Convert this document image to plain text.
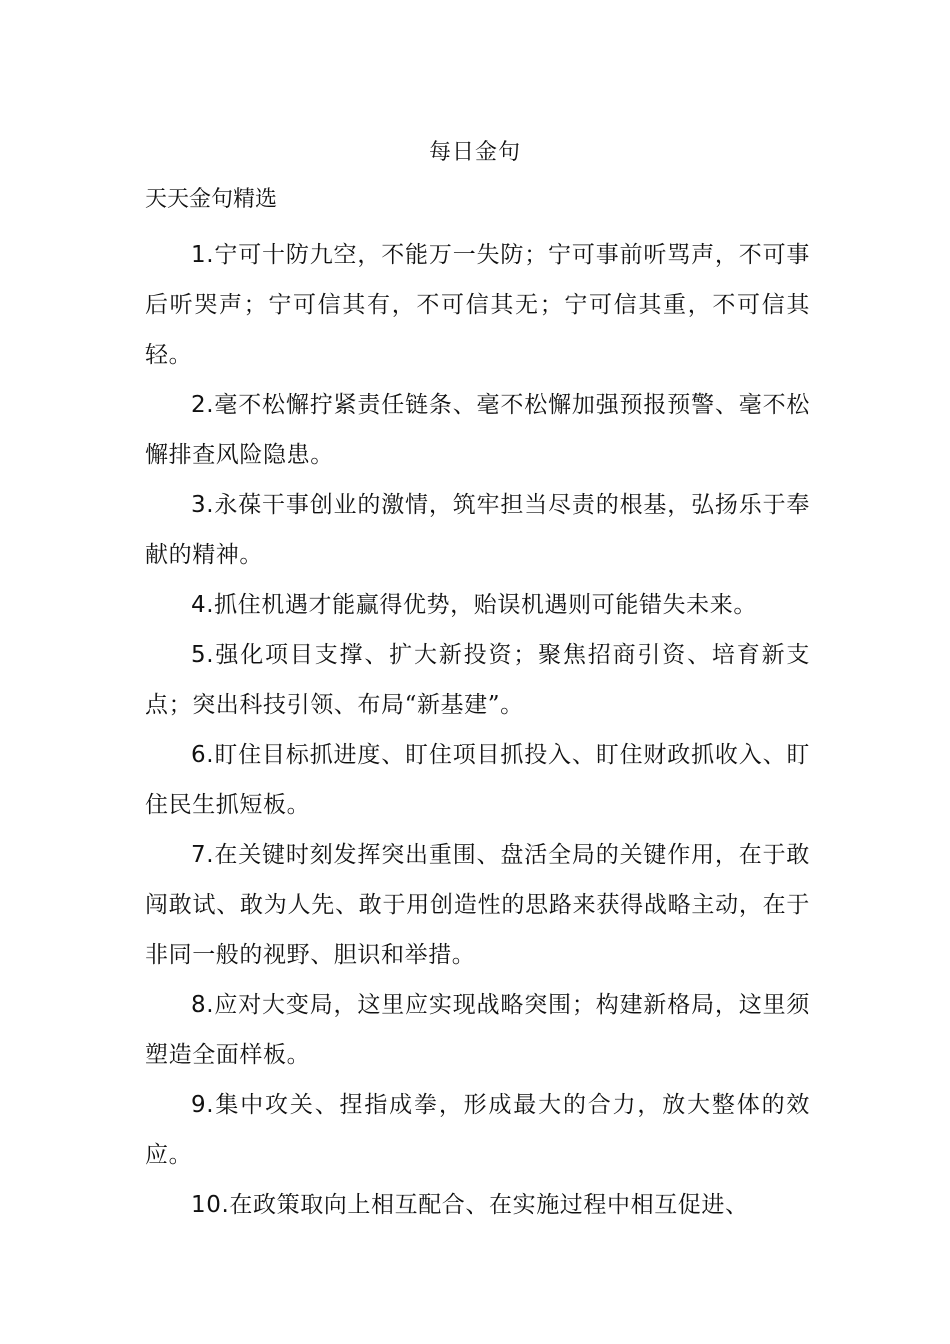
每日金句
天天金句精选

1.宁可十防九空，不能万一失防；宁可事前听骂声，不可事后听哭声；宁可信其有，不可信其无；宁可信其重，不可信其轻。

2.毫不松懈拧紧责任链条、毫不松懈加强预报预警、毫不松懈排查风险隐患。

3.永葆干事创业的激情，筑牢担当尽责的根基，弘扬乐于奉献的精神。

4.抓住机遇才能赢得优势，贻误机遇则可能错失未来。

5.强化项目支撑、扩大新投资；聚焦招商引资、培育新支点；突出科技引领、布局“新基建”。

6.盯住目标抓进度、盯住项目抓投入、盯住财政抓收入、盯住民生抓短板。

7.在关键时刻发挥突出重围、盘活全局的关键作用，在于敢闯敢试、敢为人先、敢于用创造性的思路来获得战略主动，在于非同一般的视野、胆识和举措。

8.应对大变局，这里应实现战略突围；构建新格局，这里须塑造全面样板。

9.集中攻关、捏指成拳，形成最大的合力，放大整体的效应。

10.在政策取向上相互配合、在实施过程中相互促进、
